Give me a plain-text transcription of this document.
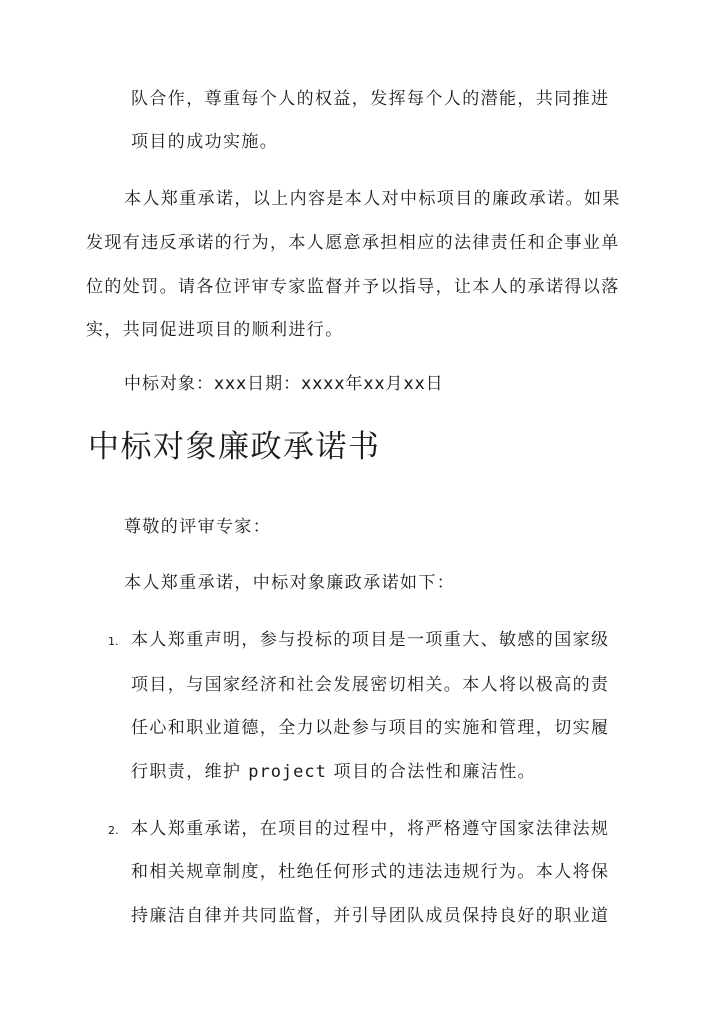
队合作，尊重每个人的权益，发挥每个人的潜能，共同推进
项目的成功实施。
本人郑重承诺，以上内容是本人对中标项目的廉政承诺。如果
发现有违反承诺的行为，本人愿意承担相应的法律责任和企事业单
位的处罚。请各位评审专家监督并予以指导，让本人的承诺得以落
实，共同促进项目的顺利进行。
中标对象：xxx日期：xxxx年xx月xx日
中标对象廉政承诺书
尊敬的评审专家：
本人郑重承诺，中标对象廉政承诺如下：
1. 本人郑重声明，参与投标的项目是一项重大、敏感的国家级
项目，与国家经济和社会发展密切相关。本人将以极高的责
任心和职业道德，全力以赴参与项目的实施和管理，切实履
行职责，维护 project 项目的合法性和廉洁性。
2. 本人郑重承诺，在项目的过程中，将严格遵守国家法律法规
和相关规章制度，杜绝任何形式的违法违规行为。本人将保
持廉洁自律并共同监督，并引导团队成员保持良好的职业道
